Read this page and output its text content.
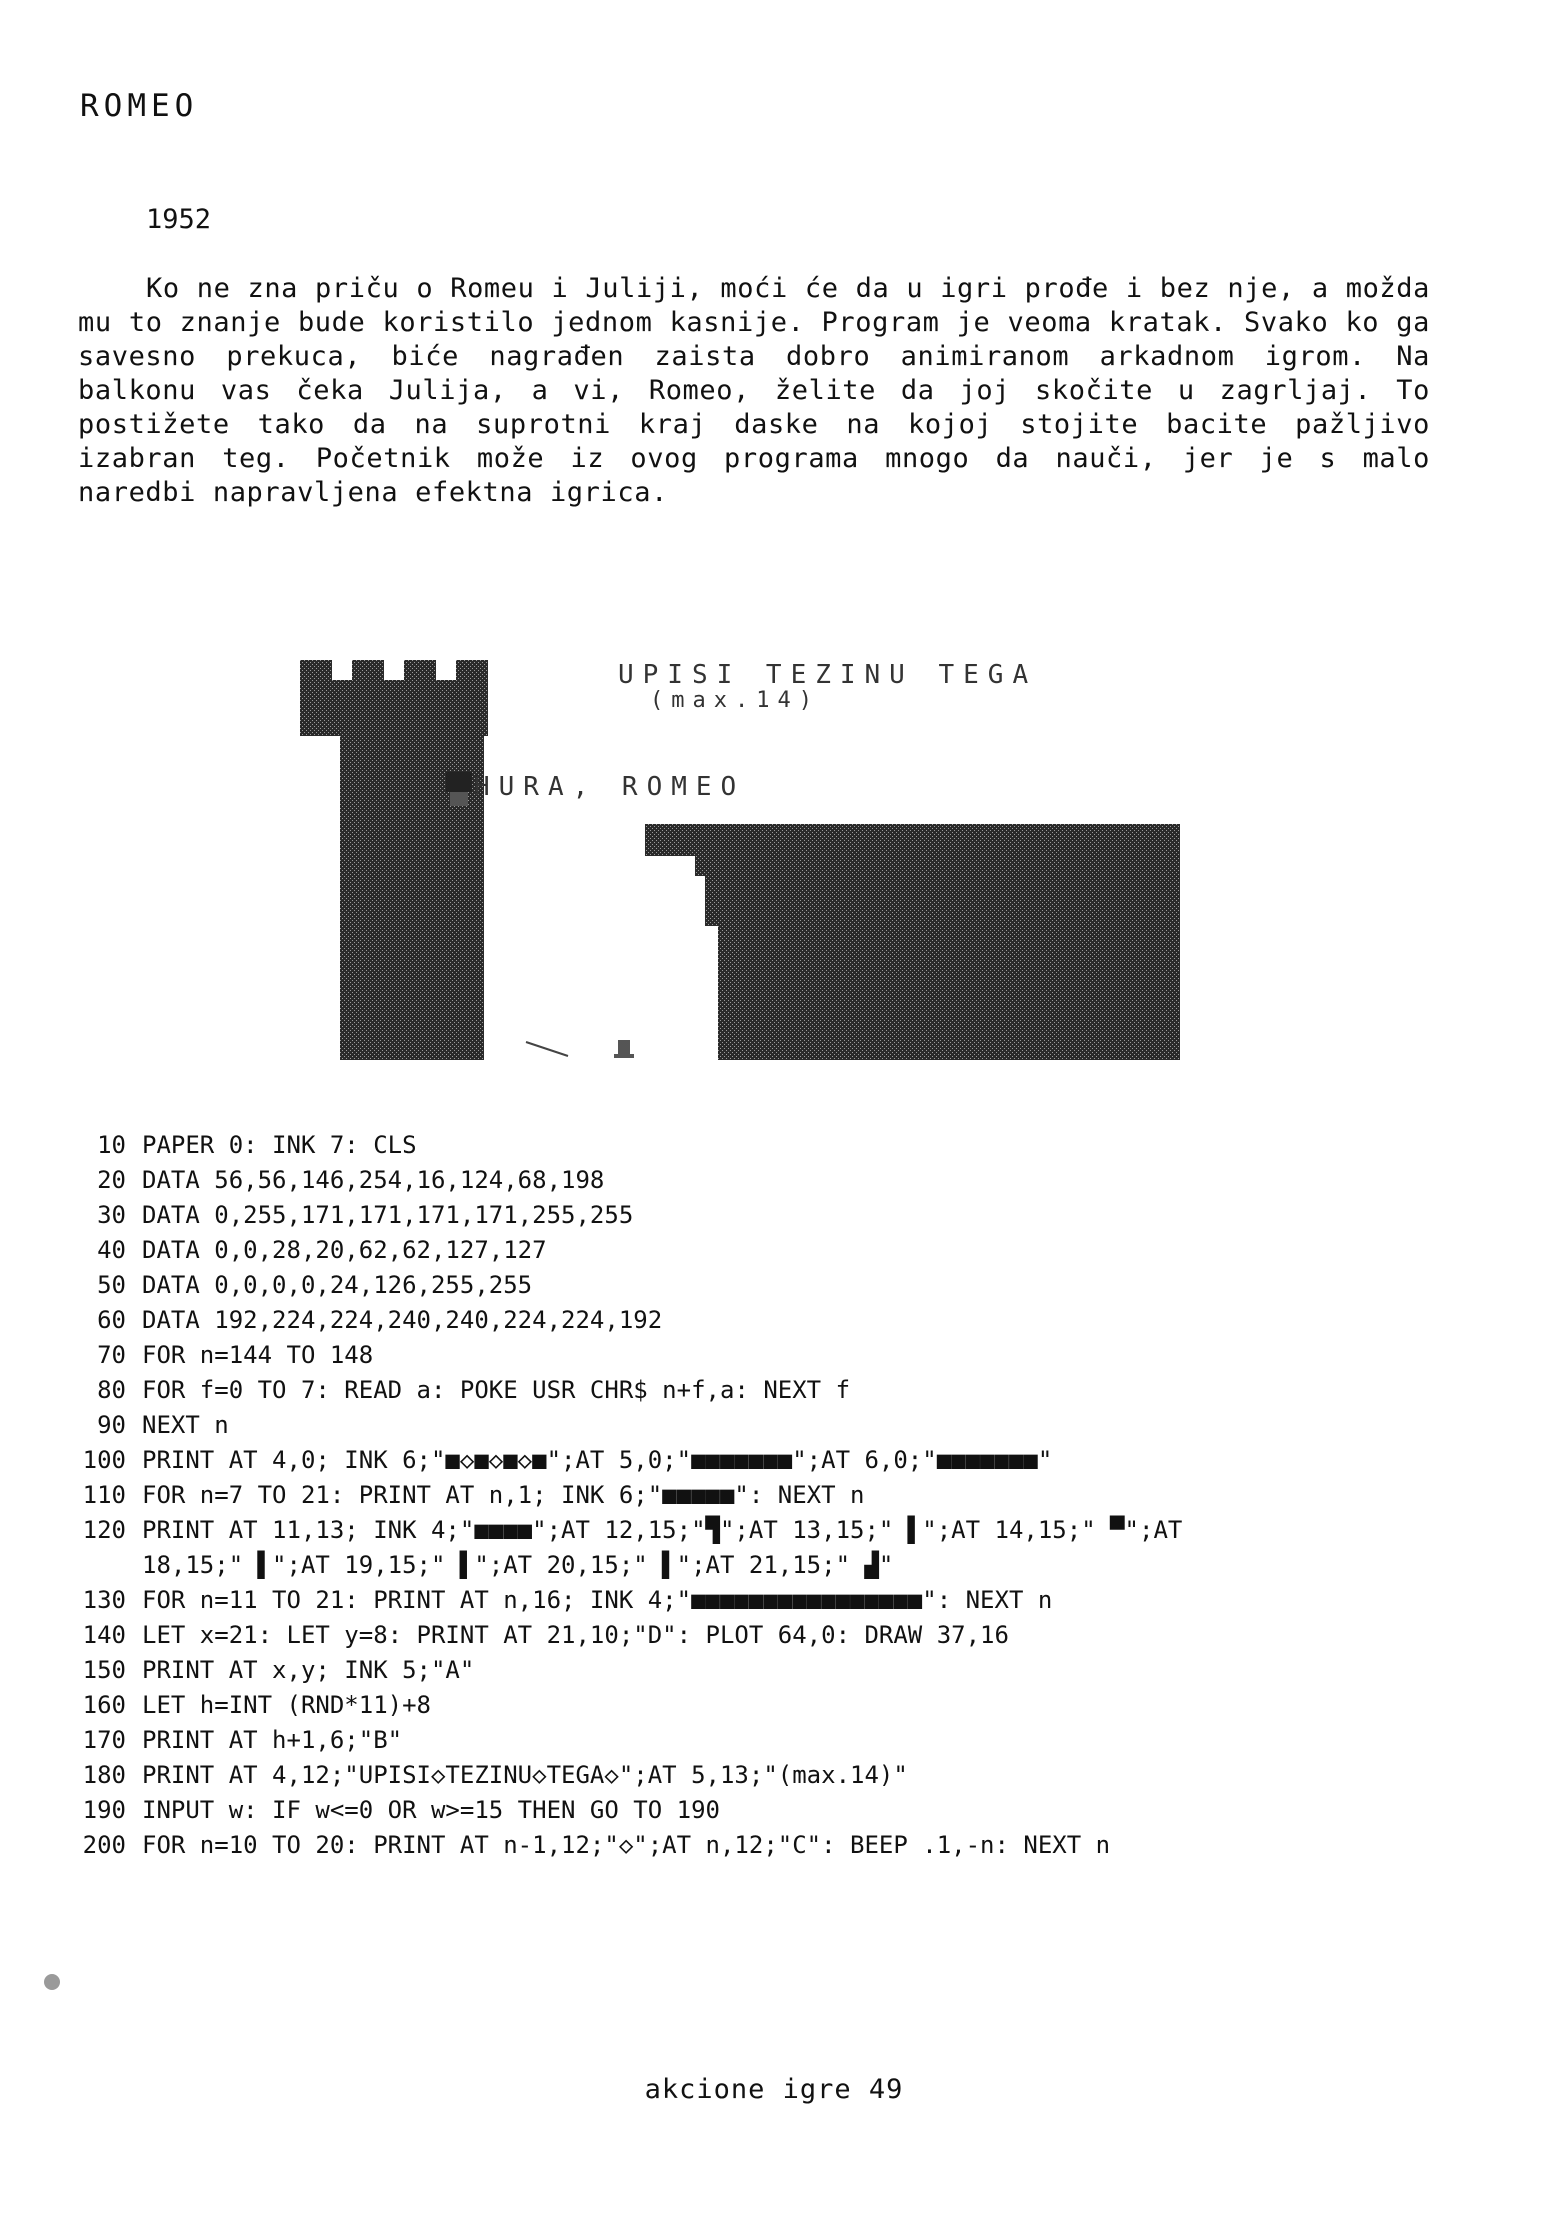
ROMEO
1952

Ko ne zna priču o Romeu i Juliji, moći će da u igri prođe i bez nje, a možda mu to znanje bude koristilo jednom kasnije. Program je veoma kratak. Svako ko ga savesno prekuca, biće nagrađen zaista dobro animiranom arkadnom igrom. Na balkonu vas čeka Julija, a vi, Romeo, želite da joj skočite u zagrljaj. To postižete tako da na suprotni kraj daske na kojoj stojite bacite pažljivo izabran teg. Početnik može iz ovog programa mnogo da nauči, jer je s malo naredbi napravljena efektna igrica.

UPISI TEZINU TEGA
(max.14)
HURA, ROMEO
10 PAPER 0: INK 7: CLS
20 DATA 56,56,146,254,16,124,68,198
30 DATA 0,255,171,171,171,171,255,255
40 DATA 0,0,28,20,62,62,127,127
50 DATA 0,0,0,0,24,126,255,255
60 DATA 192,224,224,240,240,224,224,192
70 FOR n=144 TO 148
80 FOR f=0 TO 7: READ a: POKE USR CHR$ n+f,a: NEXT f
90 NEXT n
100 PRINT AT 4,0; INK 6;"■◇■◇■◇■";AT 5,0;"■■■■■■■";AT 6,0;"■■■■■■■"
110 FOR n=7 TO 21: PRINT AT n,1; INK 6;"■■■■■": NEXT n
120 PRINT AT 11,13; INK 4;"■■■■";AT 12,15;"▜";AT 13,15;" ▌";AT 14,15;" ▀";AT 18,15;" ▌";AT 19,15;" ▌";AT 20,15;" ▌";AT 21,15;" ▟"
130 FOR n=11 TO 21: PRINT AT n,16; INK 4;"■■■■■■■■■■■■■■■■": NEXT n
140 LET x=21: LET y=8: PRINT AT 21,10;"D": PLOT 64,0: DRAW 37,16
150 PRINT AT x,y; INK 5;"A"
160 LET h=INT (RND*11)+8
170 PRINT AT h+1,6;"B"
180 PRINT AT 4,12;"UPISI◇TEZINU◇TEGA◇";AT 5,13;"(max.14)"
190 INPUT w: IF w<=0 OR w>=15 THEN GO TO 190
200 FOR n=10 TO 20: PRINT AT n-1,12;"◇";AT n,12;"C": BEEP .1,-n: NEXT n
akcione igre 49
